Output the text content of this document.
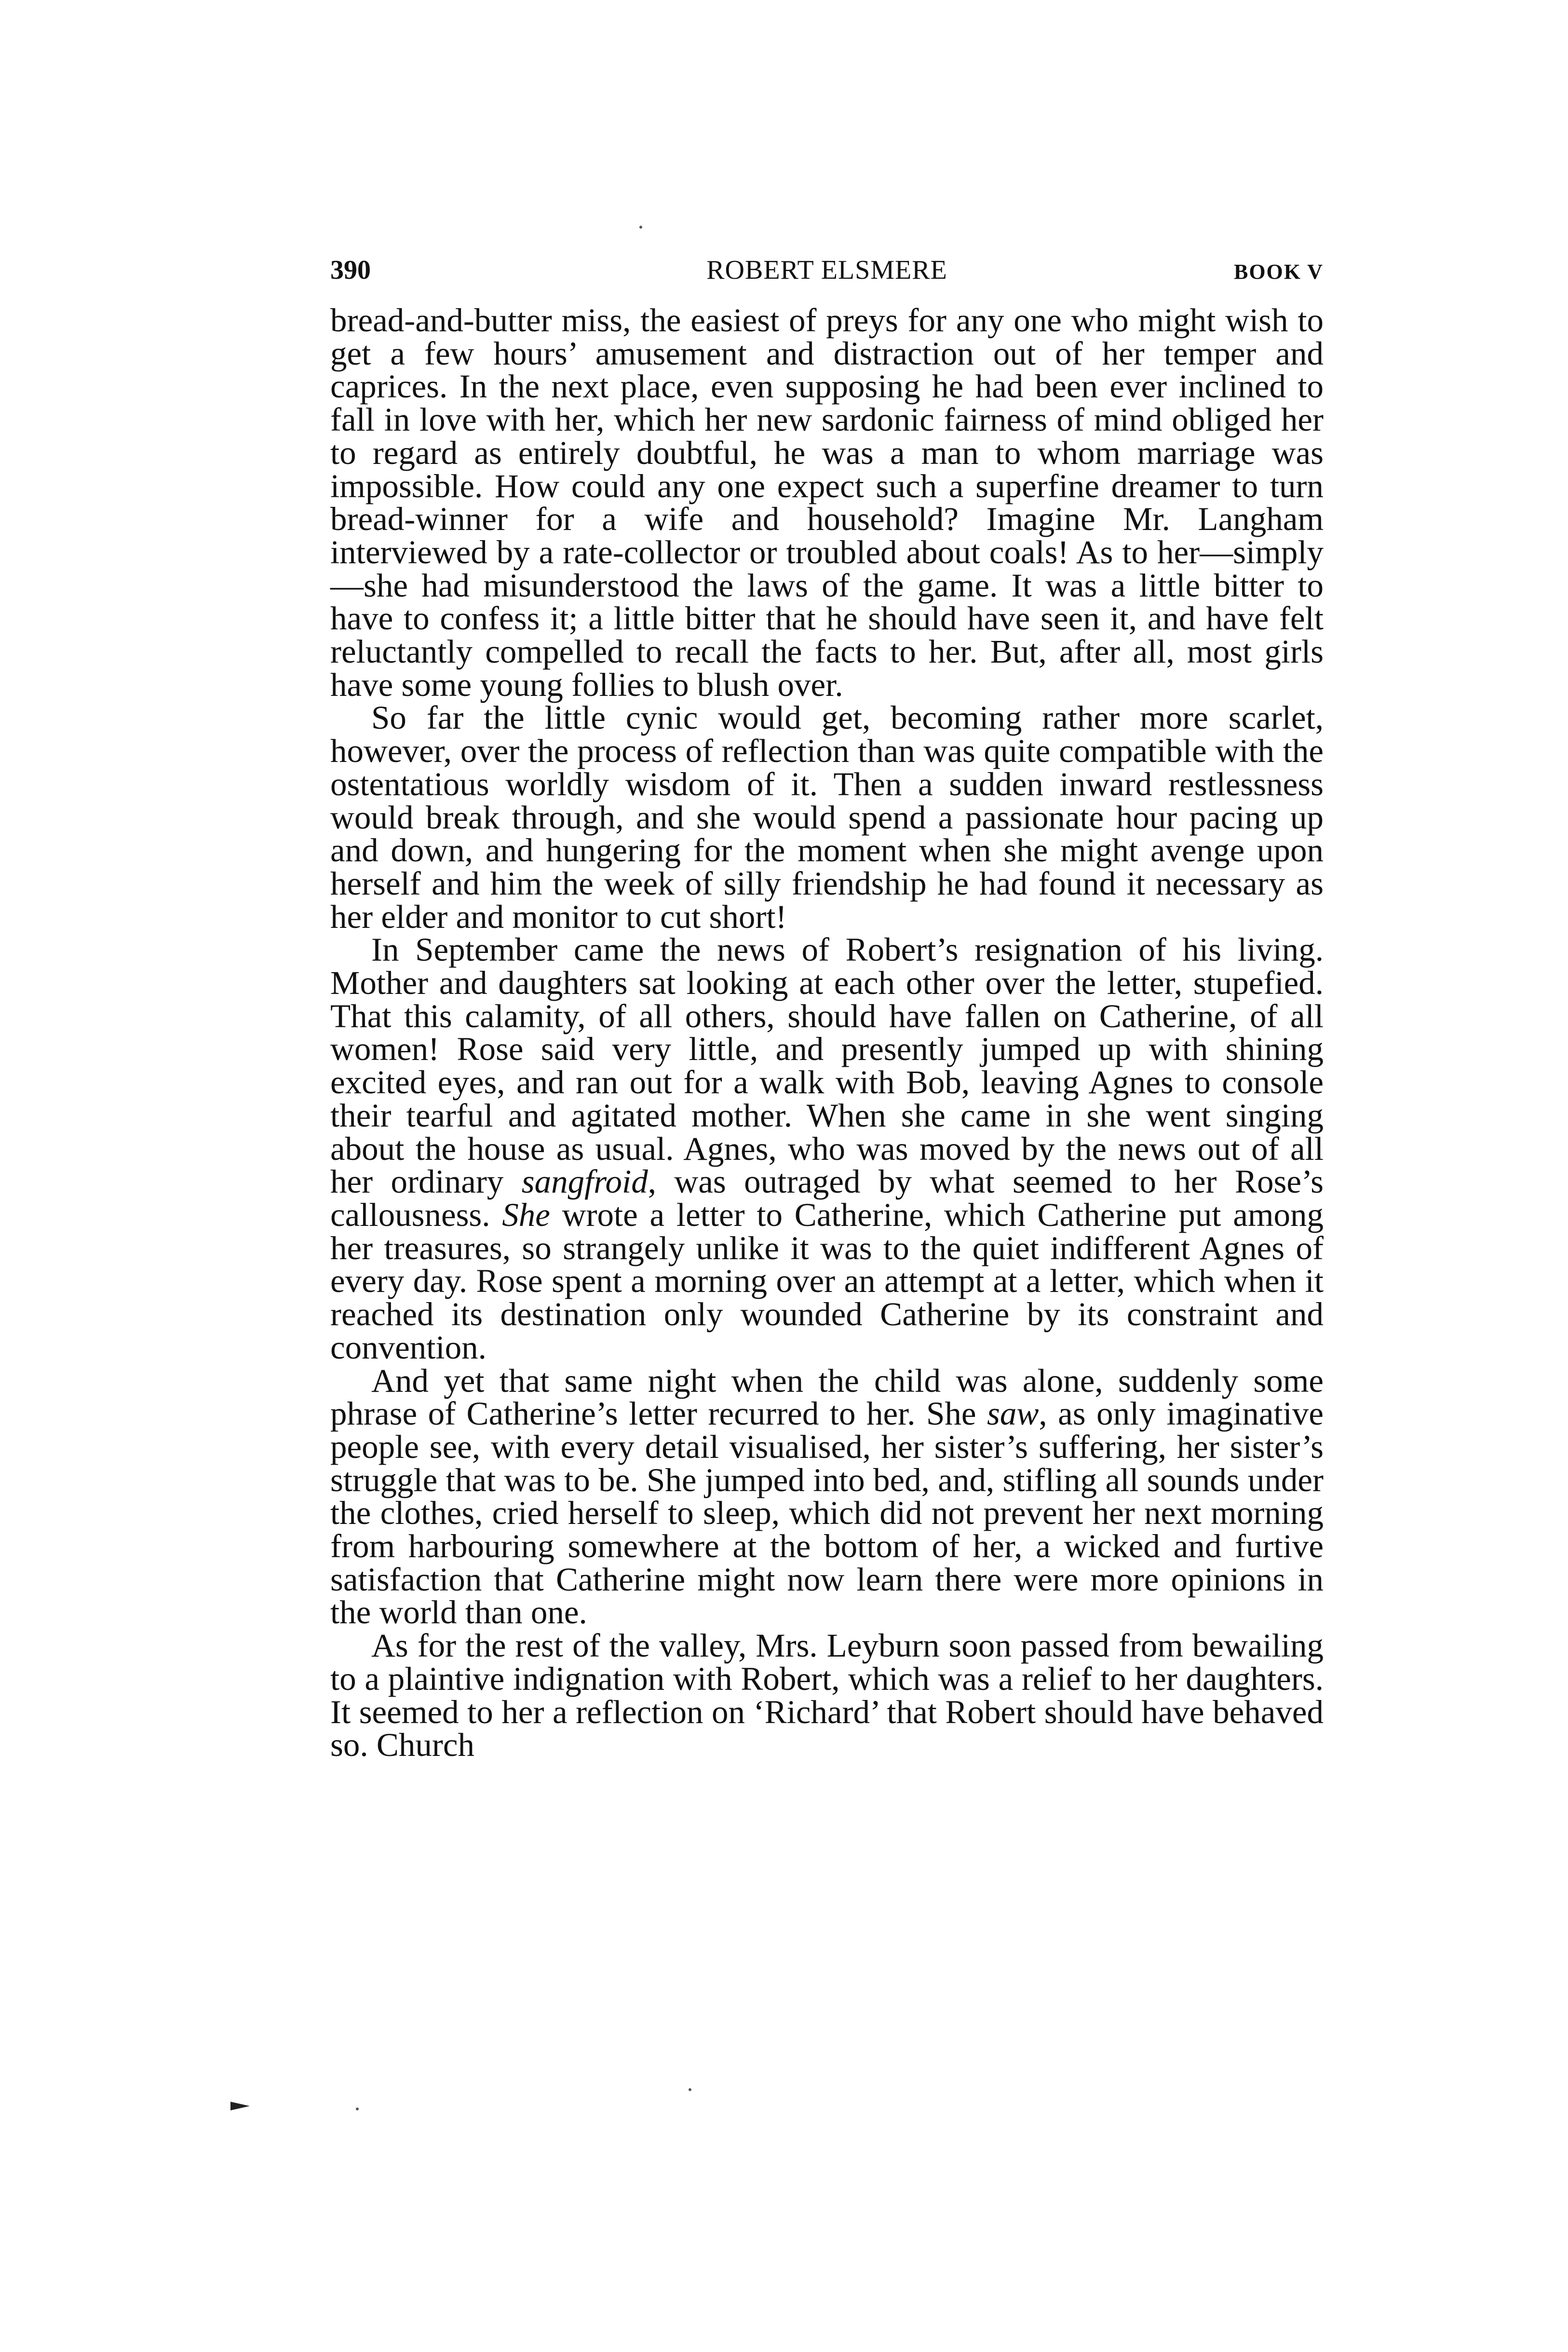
390	ROBERT ELSMERE	BOOK V

bread-and-butter miss, the easiest of preys for any one who might wish to get a few hours’ amusement and distraction out of her temper and caprices. In the next place, even supposing he had been ever inclined to fall in love with her, which her new sardonic fairness of mind obliged her to regard as entirely doubtful, he was a man to whom marriage was impossible. How could any one expect such a superfine dreamer to turn bread-winner for a wife and household? Imagine Mr. Langham interviewed by a rate-collector or troubled about coals! As to her—simply—she had misunderstood the laws of the game. It was a little bitter to have to confess it; a little bitter that he should have seen it, and have felt reluctantly compelled to recall the facts to her. But, after all, most girls have some young follies to blush over.

So far the little cynic would get, becoming rather more scarlet, however, over the process of reflection than was quite compatible with the ostentatious worldly wisdom of it. Then a sudden inward restlessness would break through, and she would spend a passionate hour pacing up and down, and hungering for the moment when she might avenge upon herself and him the week of silly friendship he had found it necessary as her elder and monitor to cut short!

In September came the news of Robert’s resignation of his living. Mother and daughters sat looking at each other over the letter, stupefied. That this calamity, of all others, should have fallen on Catherine, of all women! Rose said very little, and presently jumped up with shining excited eyes, and ran out for a walk with Bob, leaving Agnes to console their tearful and agitated mother. When she came in she went singing about the house as usual. Agnes, who was moved by the news out of all her ordinary sangfroid, was outraged by what seemed to her Rose’s callousness. She wrote a letter to Catherine, which Catherine put among her treasures, so strangely unlike it was to the quiet indifferent Agnes of every day. Rose spent a morning over an attempt at a letter, which when it reached its destination only wounded Catherine by its constraint and convention.

And yet that same night when the child was alone, suddenly some phrase of Catherine’s letter recurred to her. She saw, as only imaginative people see, with every detail visualised, her sister’s suffering, her sister’s struggle that was to be. She jumped into bed, and, stifling all sounds under the clothes, cried herself to sleep, which did not prevent her next morning from harbouring somewhere at the bottom of her, a wicked and furtive satisfaction that Catherine might now learn there were more opinions in the world than one.

As for the rest of the valley, Mrs. Leyburn soon passed from bewailing to a plaintive indignation with Robert, which was a relief to her daughters. It seemed to her a reflection on ‘Richard’ that Robert should have behaved so. Church
